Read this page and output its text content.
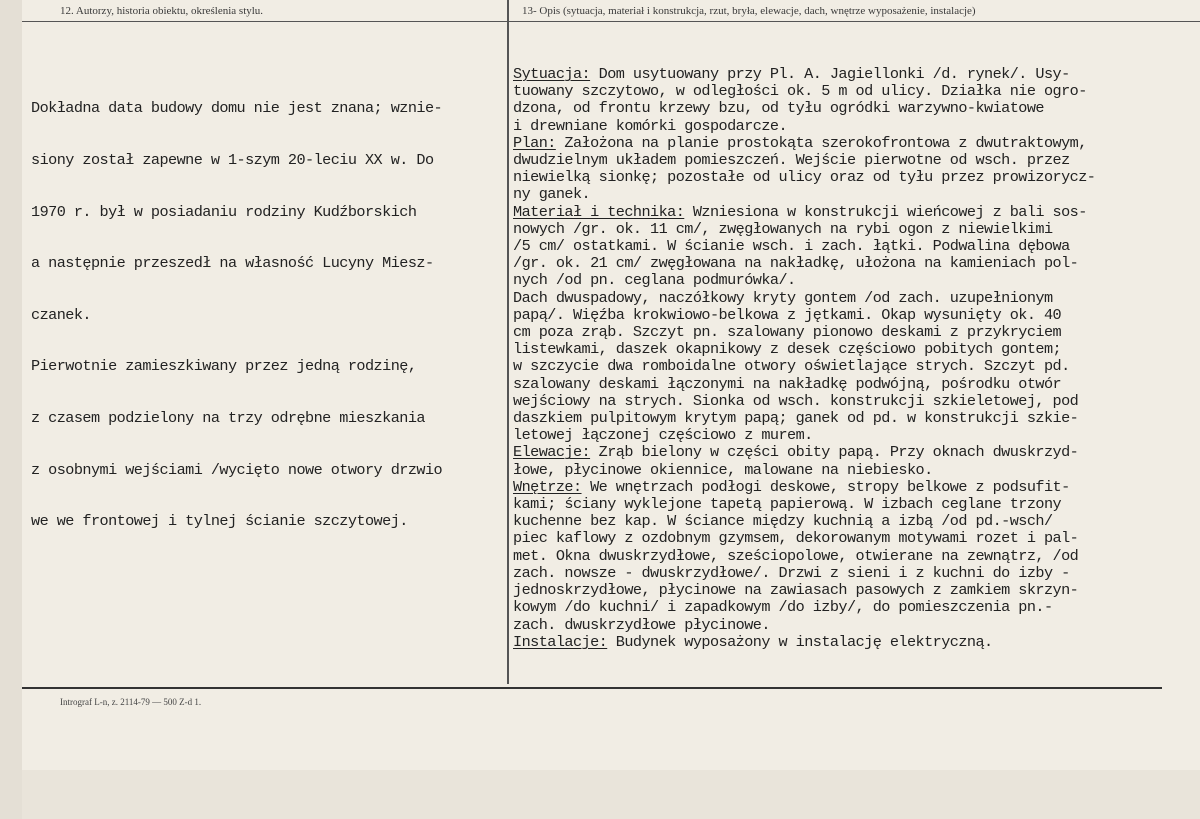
12. Autorzy, historia obiektu, określenia stylu.	13- Opis (sytuacja, materiał i konstrukcja, rzut, bryła, elewacje, dach, wnętrze wyposażenie, instalacje)

Dokładna data budowy domu nie jest znana; wznie-

siony został zapewne w 1-szym 20-leciu XX w. Do

1970 r. był w posiadaniu rodziny Kudźborskich

a następnie przeszedł na własność Lucyny Miesz-

czanek.

Pierwotnie zamieszkiwany przez jedną rodzinę,

z czasem podzielony na trzy odrębne mieszkania

z osobnymi wejściami /wycięto nowe otwory drzwio

we we frontowej i tylnej ścianie szczytowej.

Sytuacja: Dom usytuowany przy Pl. A. Jagiellonki /d. rynek/. Usy-
tuowany szczytowo, w odległości ok. 5 m od ulicy. Działka nie ogro-
dzona, od frontu krzewy bzu, od tyłu ogródki warzywno-kwiatowe
i drewniane komórki gospodarcze.
Plan: Założona na planie prostokąta szerokofrontowa z dwutraktowym,
dwudzielnym układem pomieszczeń. Wejście pierwotne od wsch. przez
niewielką sionkę; pozostałe od ulicy oraz od tyłu przez prowizorycz-
ny ganek.
Materiał i technika: Wzniesiona w konstrukcji wieńcowej z bali sos-
nowych /gr. ok. 11 cm/, zwęgłowanych na rybi ogon z niewielkimi
/5 cm/ ostatkami. W ścianie wsch. i zach. łątki. Podwalina dębowa
/gr. ok. 21 cm/ zwęgłowana na nakładkę, ułożona na kamieniach pol-
nych /od pn. ceglana podmurówka/.
Dach dwuspadowy, naczółkowy kryty gontem /od zach. uzupełnionym
papą/. Więźba krokwiowo-belkowa z jętkami. Okap wysunięty ok. 40
cm poza zrąb. Szczyt pn. szalowany pionowo deskami z przykryciem
listewkami, daszek okapnikowy z desek częściowo pobitych gontem;
w szczycie dwa romboidalne otwory oświetlające strych. Szczyt pd.
szalowany deskami łączonymi na nakładkę podwójną, pośrodku otwór
wejściowy na strych. Sionka od wsch. konstrukcji szkieletowej, pod
daszkiem pulpitowym krytym papą; ganek od pd. w konstrukcji szkie-
letowej łączonej częściowo z murem.
Elewacje: Zrąb bielony w części obity papą. Przy oknach dwuskrzyd-
łowe, płycinowe okiennice, malowane na niebiesko.
Wnętrze: We wnętrzach podłogi deskowe, stropy belkowe z podsufit-
kami; ściany wyklejone tapetą papierową. W izbach ceglane trzony
kuchenne bez kap. W ściance między kuchnią a izbą /od pd.-wsch/
piec kaflowy z ozdobnym gzymsem, dekorowanym motywami rozet i pal-
met. Okna dwuskrzydłowe, sześciopolowe, otwierane na zewnątrz, /od
zach. nowsze - dwuskrzydłowe/. Drzwi z sieni i z kuchni do izby -
jednoskrzydłowe, płycinowe na zawiasach pasowych z zamkiem skrzyn-
kowym /do kuchni/ i zapadkowym /do izby/, do pomieszczenia pn.-
zach. dwuskrzydłowe płycinowe.
Instalacje: Budynek wyposażony w instalację elektryczną.
Intrograf L-n, z. 2114-79 — 500 Z-d 1.
